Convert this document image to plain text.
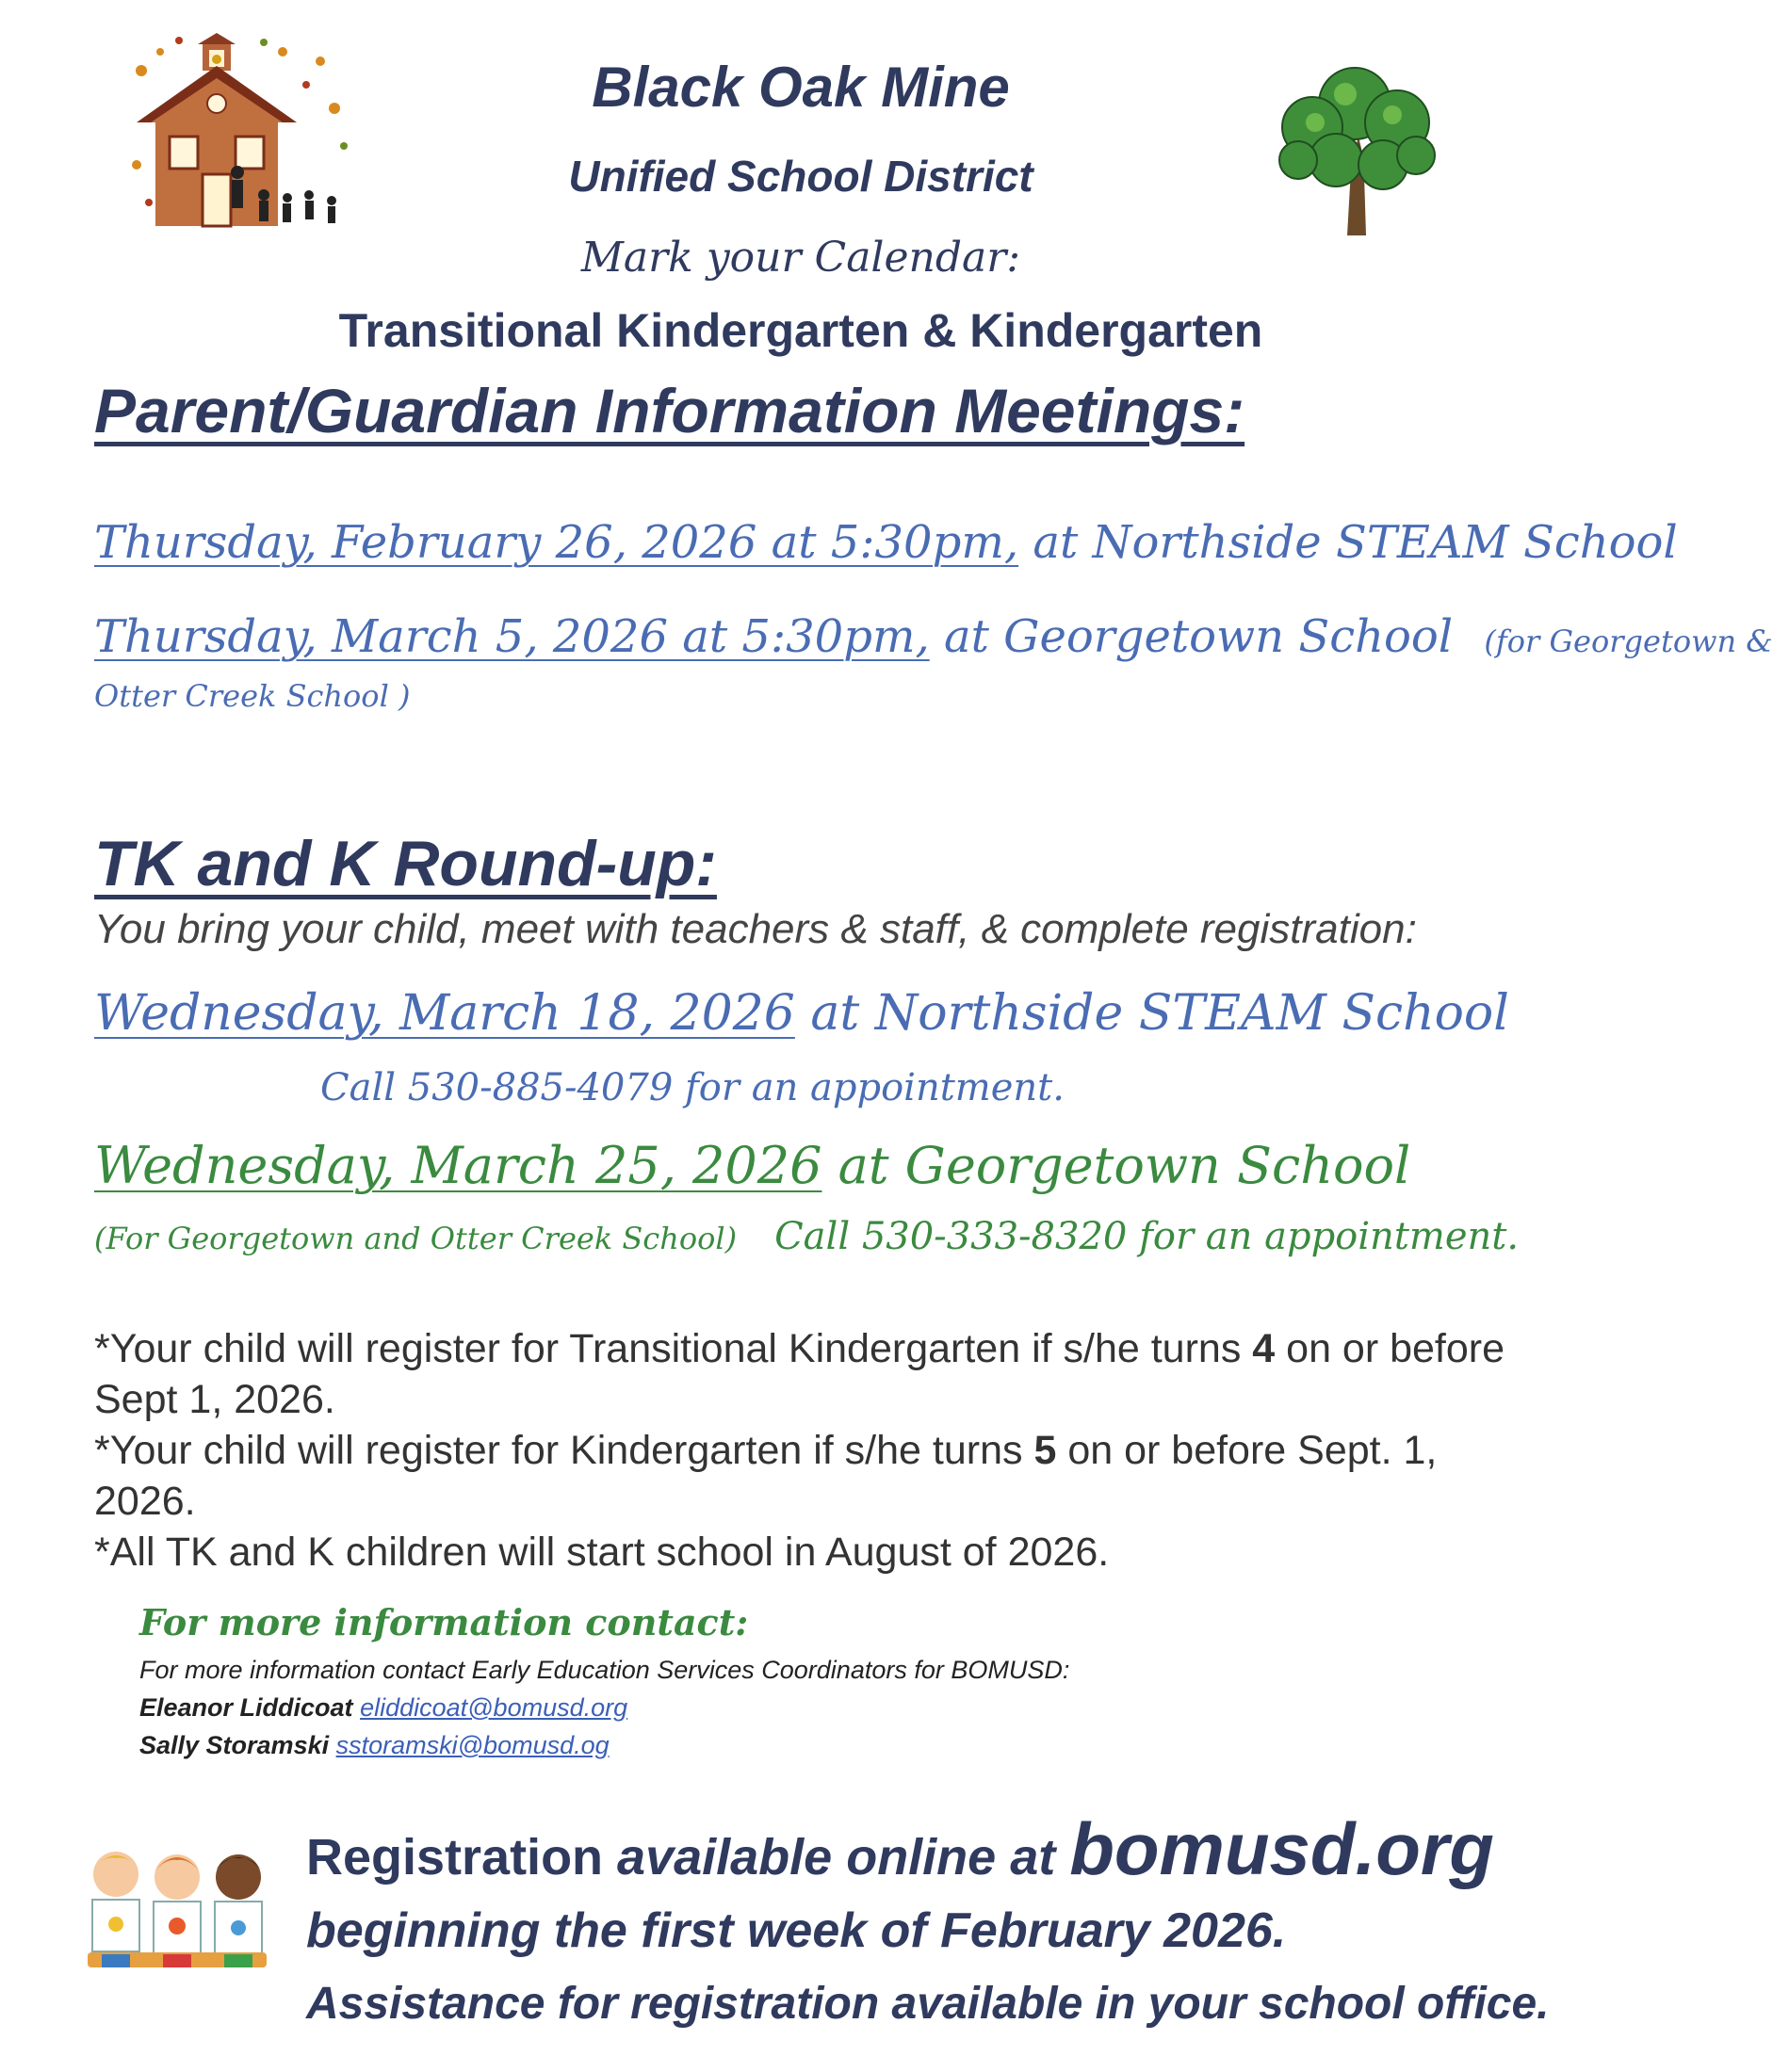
Black Oak Mine
Unified School District
Mark your Calendar:
Transitional Kindergarten & Kindergarten
Parent/Guardian Information Meetings:
Thursday, February 26, 2026 at 5:30pm, at Northside STEAM School
Thursday, March 5, 2026 at 5:30pm, at Georgetown School (for Georgetown &
Otter Creek School )
TK and K Round-up:
You bring your child, meet with teachers & staff, & complete registration:
Wednesday, March 18, 2026 at Northside STEAM School
Call 530-885-4079 for an appointment.
Wednesday, March 25, 2026 at Georgetown School
(For Georgetown and Otter Creek School) Call 530-333-8320 for an appointment.

*Your child will register for Transitional Kindergarten if s/he turns 4 on or before Sept 1, 2026.

*Your child will register for Kindergarten if s/he turns 5 on or before Sept. 1, 2026.

*All TK and K children will start school in August of 2026.

For more information contact:
For more information contact Early Education Services Coordinators for BOMUSD:
Eleanor Liddicoat eliddicoat@bomusd.org
Sally Storamski sstoramski@bomusd.og
Registration available online at bomusd.org
beginning the first week of February 2026.
Assistance for registration available in your school office.
